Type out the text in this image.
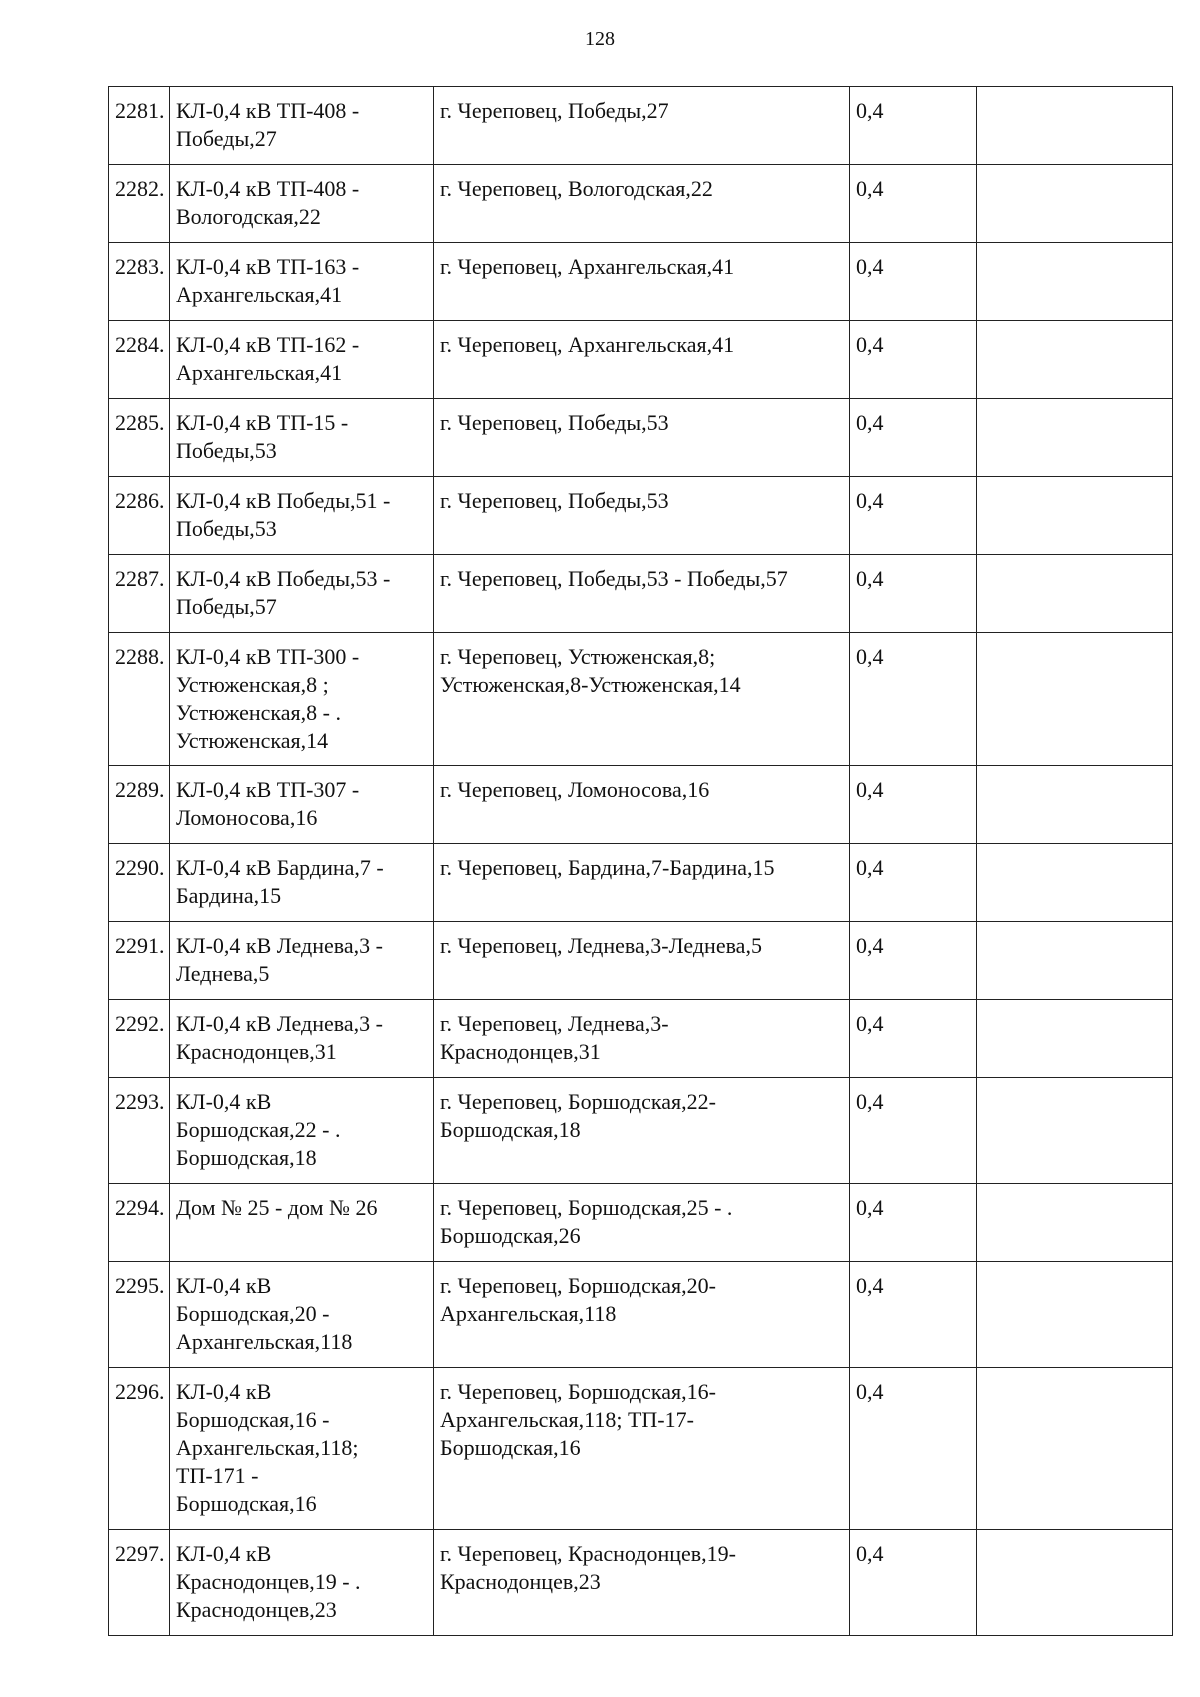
128
2281.	КЛ-0,4 кВ ТП-408 -
Победы,27	г. Череповец, Победы,27	0,4	
2282.	КЛ-0,4 кВ ТП-408 -
Вологодская,22	г. Череповец, Вологодская,22	0,4	
2283.	КЛ-0,4 кВ ТП-163 -
Архангельская,41	г. Череповец, Архангельская,41	0,4	
2284.	КЛ-0,4 кВ ТП-162 -
Архангельская,41	г. Череповец, Архангельская,41	0,4	
2285.	КЛ-0,4 кВ ТП-15 -
Победы,53	г. Череповец, Победы,53	0,4	
2286.	КЛ-0,4 кВ Победы,51 -
Победы,53	г. Череповец, Победы,53	0,4	
2287.	КЛ-0,4 кВ Победы,53 -
Победы,57	г. Череповец, Победы,53 - Победы,57	0,4	
2288.	КЛ-0,4 кВ ТП-300 -
Устюженская,8 ;
Устюженская,8 - .
Устюженская,14	г. Череповец, Устюженская,8;
Устюженская,8-Устюженская,14	0,4	
2289.	КЛ-0,4 кВ ТП-307 -
Ломоносова,16	г. Череповец, Ломоносова,16	0,4	
2290.	КЛ-0,4 кВ Бардина,7 -
Бардина,15	г. Череповец, Бардина,7-Бардина,15	0,4	
2291.	КЛ-0,4 кВ Леднева,3 -
Леднева,5	г. Череповец, Леднева,3-Леднева,5	0,4	
2292.	КЛ-0,4 кВ Леднева,3 -
Краснодонцев,31	г. Череповец, Леднева,3-
Краснодонцев,31	0,4	
2293.	КЛ-0,4 кВ
Боршодская,22 - .
Боршодская,18	г. Череповец, Боршодская,22-
Боршодская,18	0,4	
2294.	Дом № 25 - дом № 26	г. Череповец, Боршодская,25 - .
Боршодская,26	0,4	
2295.	КЛ-0,4 кВ
Боршодская,20 -
Архангельская,118	г. Череповец, Боршодская,20-
Архангельская,118	0,4	
2296.	КЛ-0,4 кВ
Боршодская,16 -
Архангельская,118;
ТП-171 -
Боршодская,16	г. Череповец, Боршодская,16-
Архангельская,118; ТП-17-
Боршодская,16	0,4	
2297.	КЛ-0,4 кВ
Краснодонцев,19 - .
Краснодонцев,23	г. Череповец, Краснодонцев,19-
Краснодонцев,23	0,4	
